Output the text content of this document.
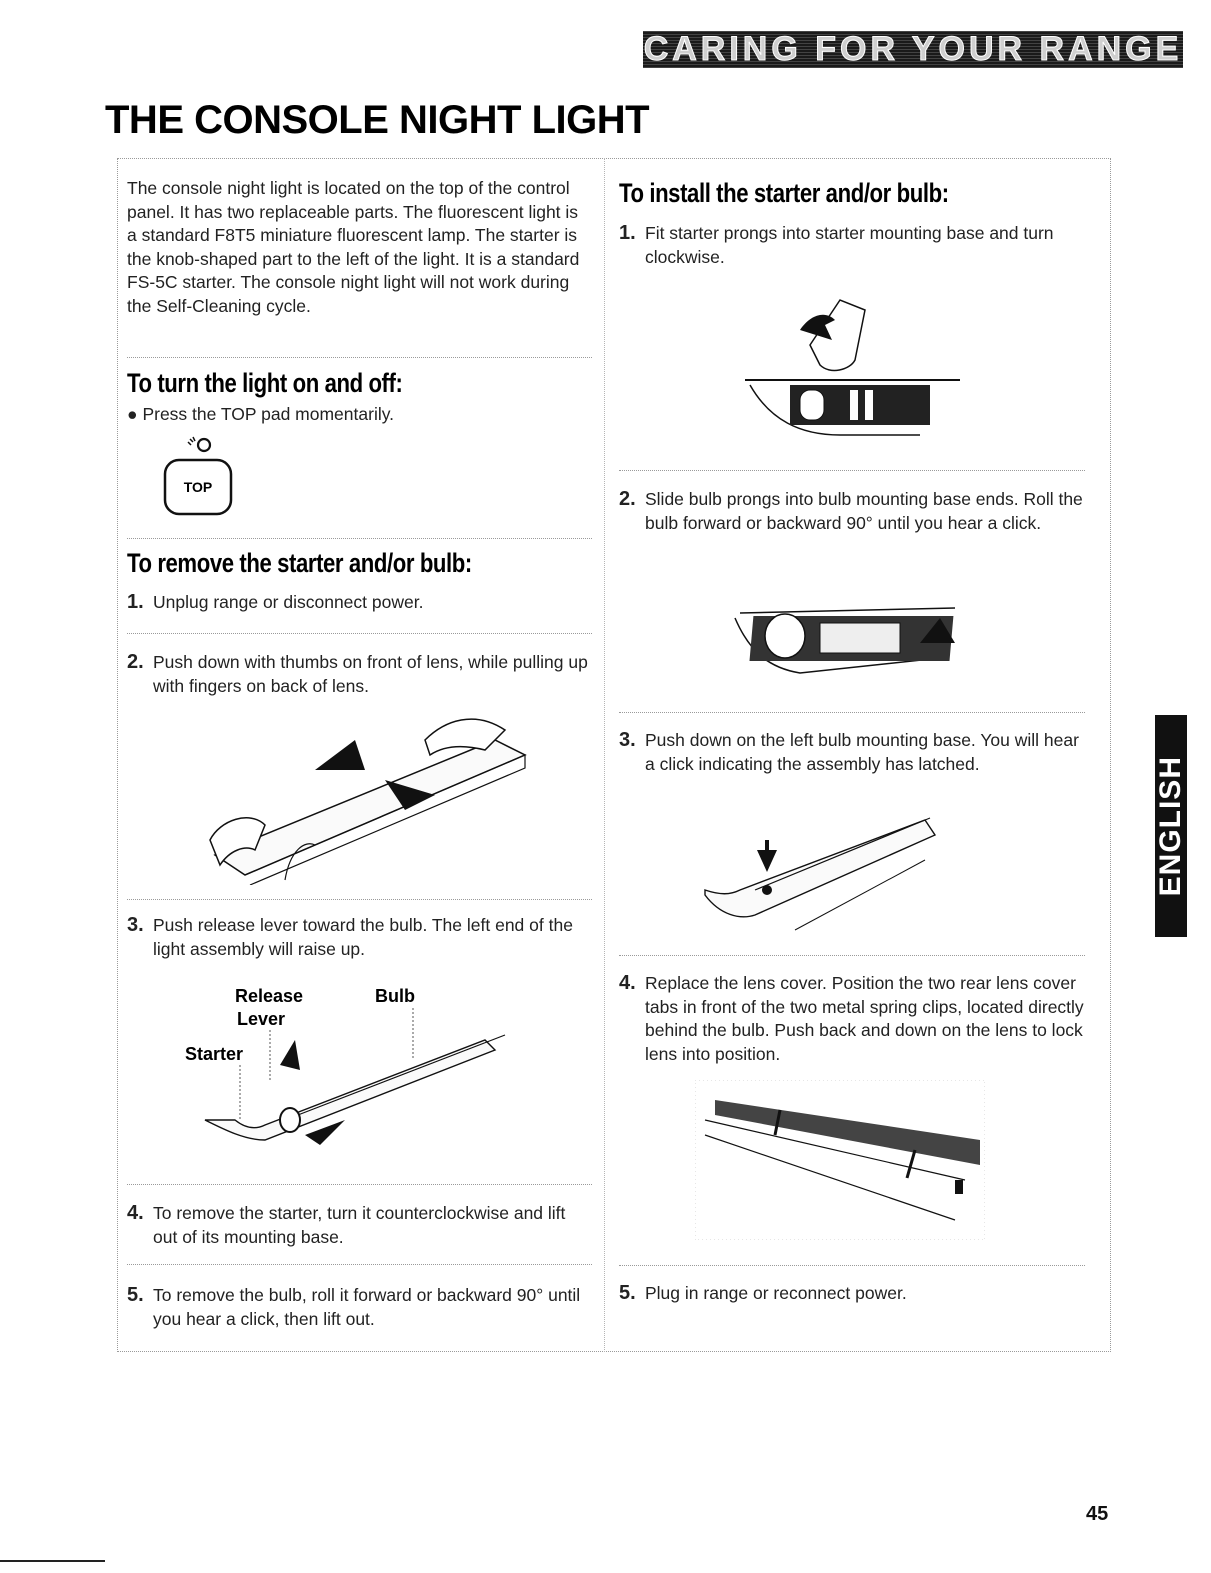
CARING FOR YOUR RANGE
THE CONSOLE NIGHT LIGHT

The console night light is located on the top of the control panel. It has two replaceable parts. The fluorescent light is a standard F8T5 miniature fluorescent lamp. The starter is the knob-shaped part to the left of the light. It is a standard FS-5C starter. The console night light will not work during the Self-Cleaning cycle.

To turn the light on and off:
● Press the TOP pad momentarily.
TOP
To remove the starter and/or bulb:
1. Unplug range or disconnect power.
2. Push down with thumbs on front of lens, while pulling up with fingers on back of lens.
3. Push release lever toward the bulb. The left end of the light assembly will raise up.
Release
Lever
Bulb
Starter
4. To remove the starter, turn it counterclockwise and lift out of its mounting base.
5. To remove the bulb, roll it forward or backward 90° until you hear a click, then lift out.
To install the starter and/or bulb:
1. Fit starter prongs into starter mounting base and turn clockwise.
2. Slide bulb prongs into bulb mounting base ends. Roll the bulb forward or backward 90° until you hear a click.
3. Push down on the left bulb mounting base. You will hear a click indicating the assembly has latched.
4. Replace the lens cover. Position the two rear lens cover tabs in front of the two metal spring clips, located directly behind the bulb. Push back and down on the lens to lock lens into position.
5. Plug in range or reconnect power.
ENGLISH
45
